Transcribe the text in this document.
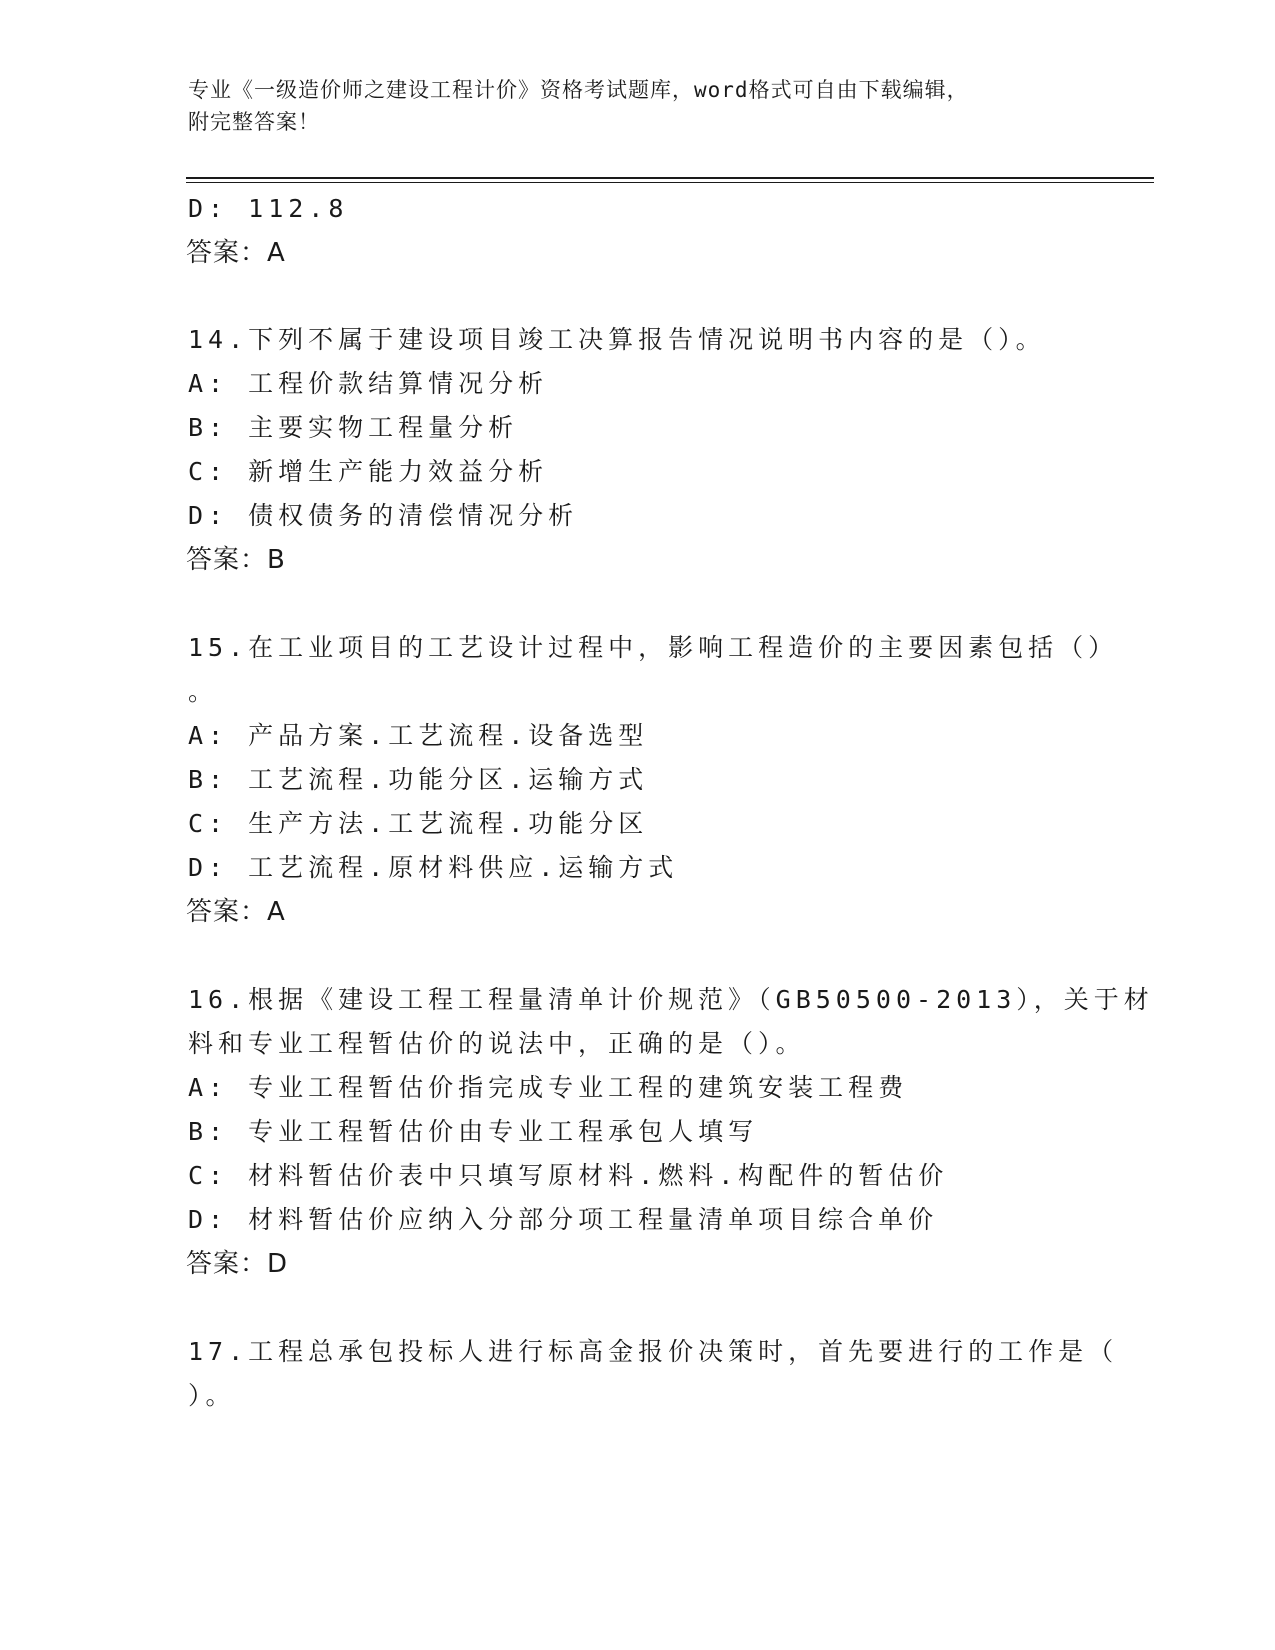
专业《一级造价师之建设工程计价》资格考试题库，word格式可自由下载编辑，
附完整答案！
D: 112.8
答案：A
14.下列不属于建设项目竣工决算报告情况说明书内容的是（）。
A: 工程价款结算情况分析
B: 主要实物工程量分析
C: 新增生产能力效益分析
D: 债权债务的清偿情况分析
答案：B
15.在工业项目的工艺设计过程中，影响工程造价的主要因素包括（）
。
A: 产品方案.工艺流程.设备选型
B: 工艺流程.功能分区.运输方式
C: 生产方法.工艺流程.功能分区
D: 工艺流程.原材料供应.运输方式
答案：A
16.根据《建设工程工程量清单计价规范》（GB50500-2013），关于材
料和专业工程暂估价的说法中，正确的是（）。
A: 专业工程暂估价指完成专业工程的建筑安装工程费
B: 专业工程暂估价由专业工程承包人填写
C: 材料暂估价表中只填写原材料.燃料.构配件的暂估价
D: 材料暂估价应纳入分部分项工程量清单项目综合单价
答案：D
17.工程总承包投标人进行标高金报价决策时，首先要进行的工作是（
）。
